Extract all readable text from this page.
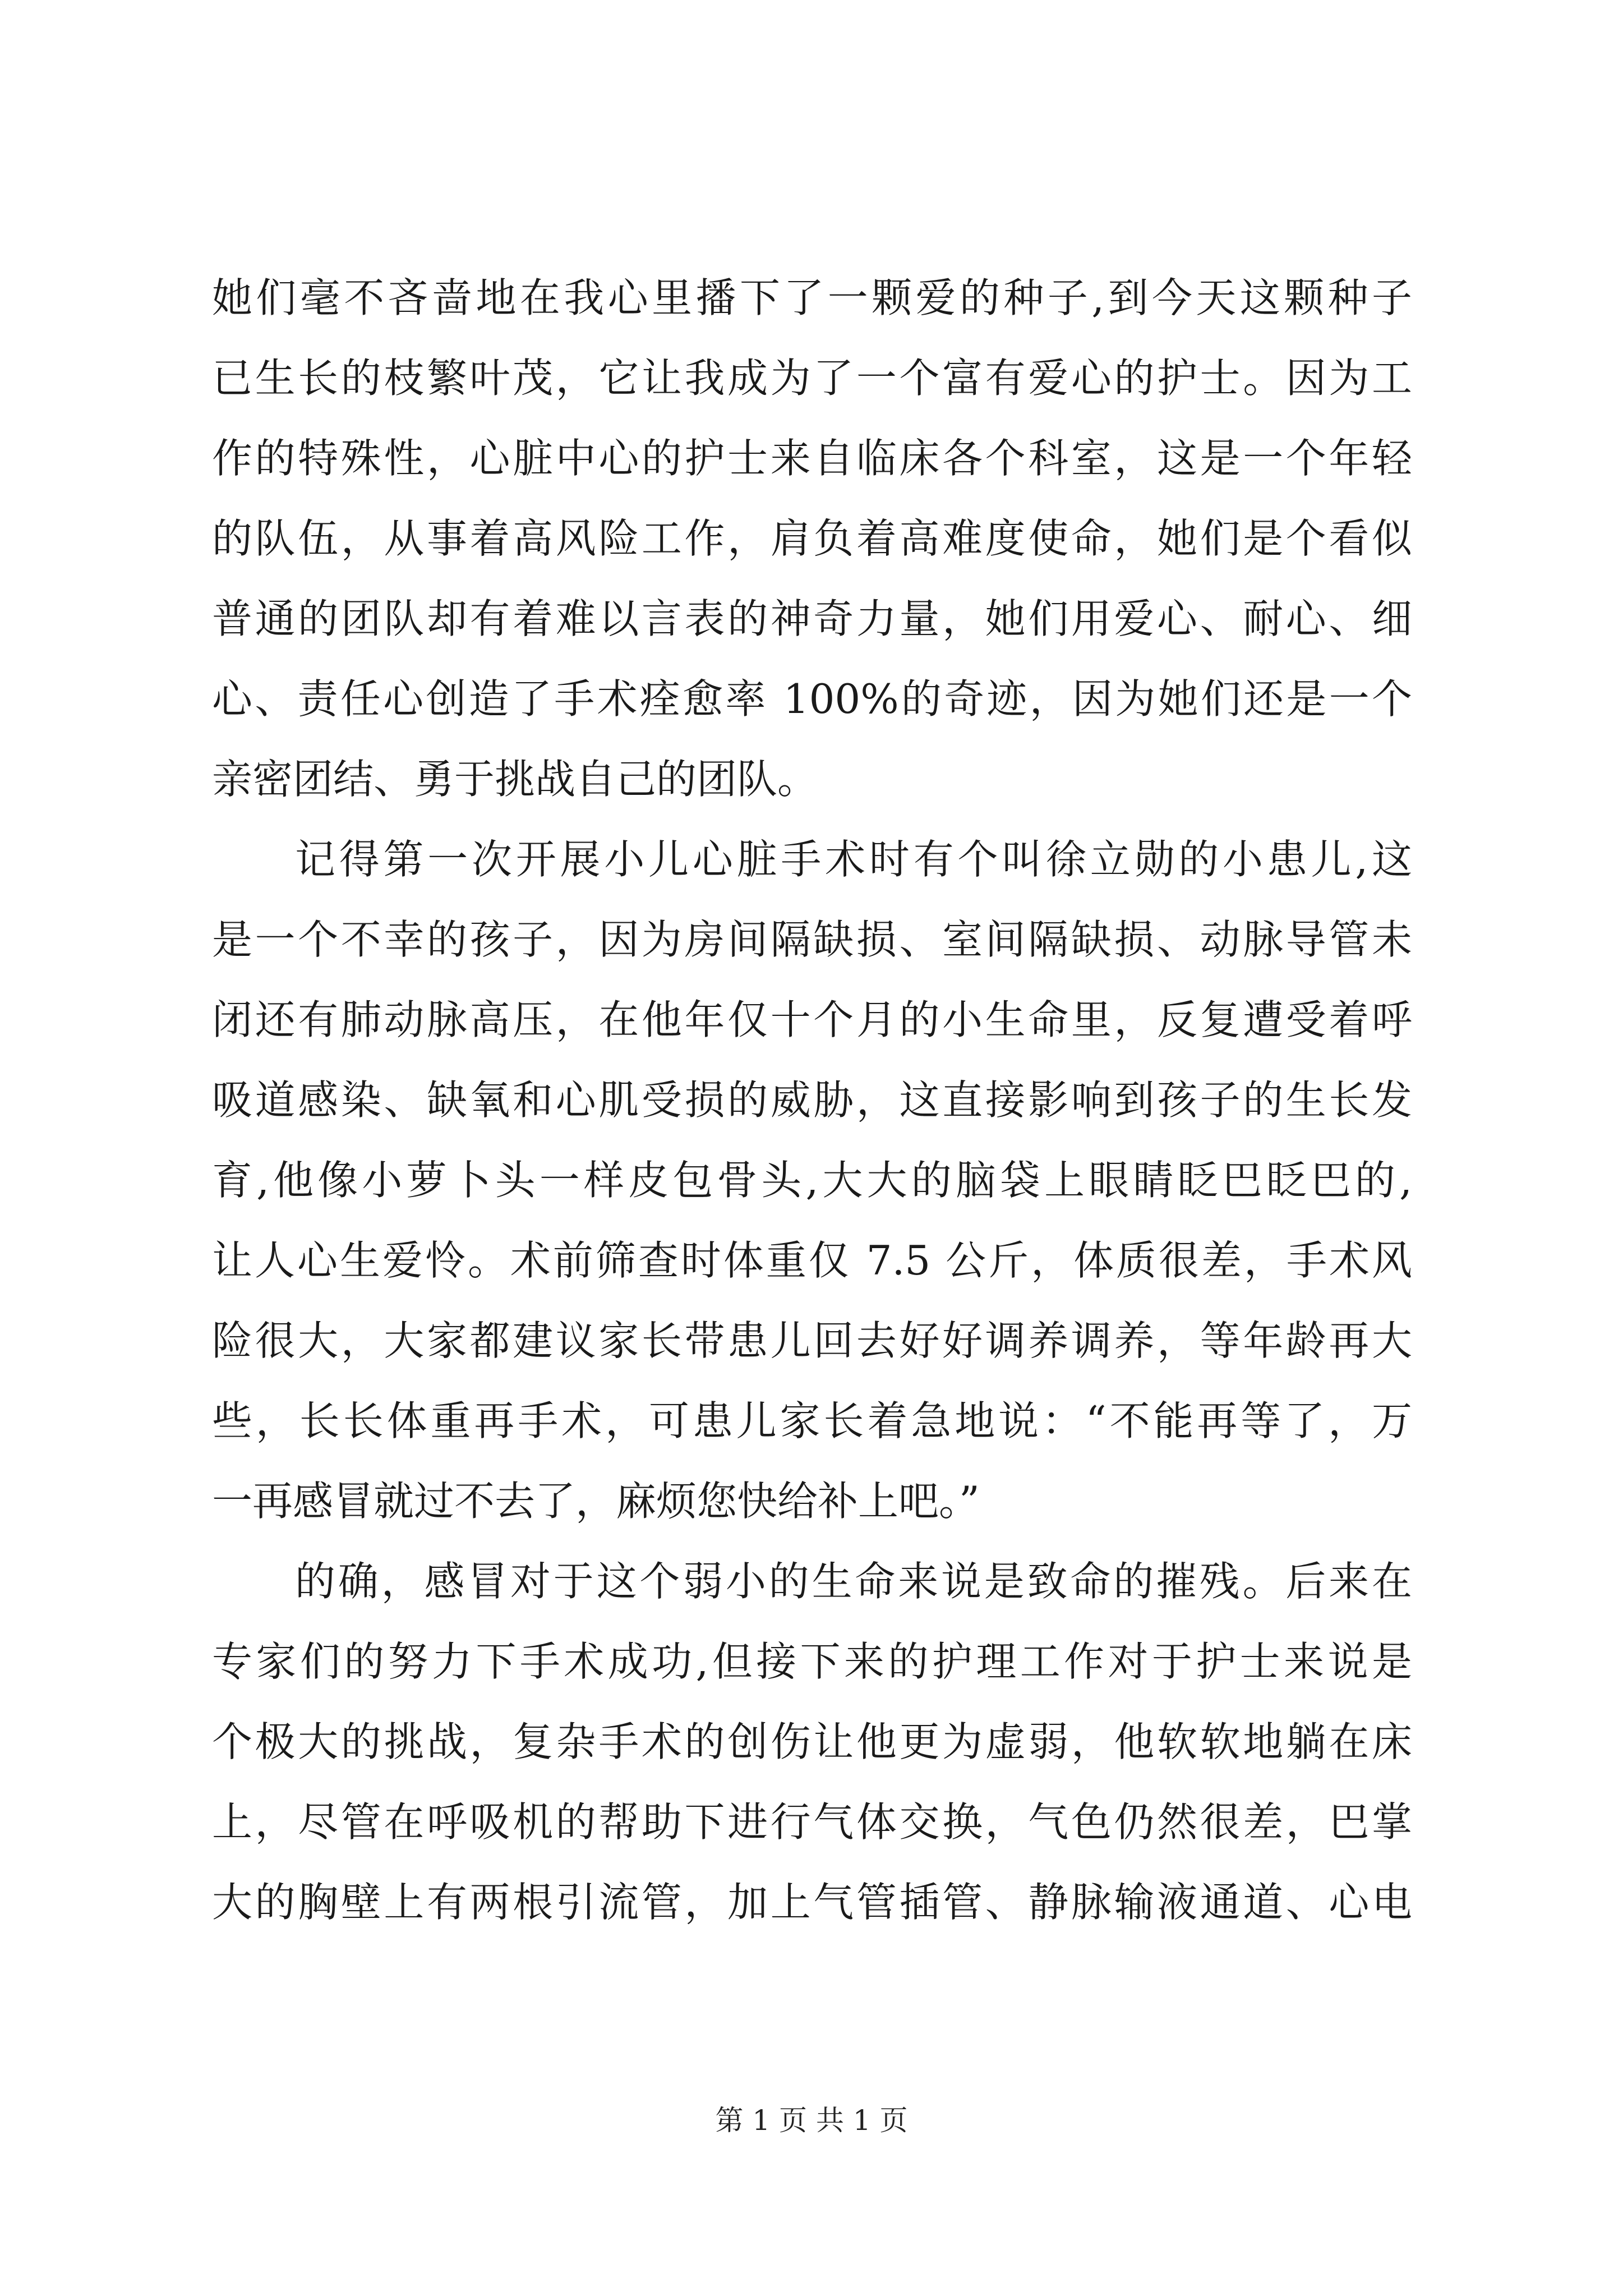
她们毫不吝啬地在我心里播下了一颗爱的种子,到今天这颗种子
已生长的枝繁叶茂，它让我成为了一个富有爱心的护士。因为工
作的特殊性，心脏中心的护士来自临床各个科室，这是一个年轻
的队伍，从事着高风险工作，肩负着高难度使命，她们是个看似
普通的团队却有着难以言表的神奇力量，她们用爱心、耐心、细
心、责任心创造了手术痊愈率 100%的奇迹，因为她们还是一个
亲密团结、勇于挑战自己的团队。
记得第一次开展小儿心脏手术时有个叫徐立勋的小患儿,这
是一个不幸的孩子，因为房间隔缺损、室间隔缺损、动脉导管未
闭还有肺动脉高压，在他年仅十个月的小生命里，反复遭受着呼
吸道感染、缺氧和心肌受损的威胁，这直接影响到孩子的生长发
育,他像小萝卜头一样皮包骨头,大大的脑袋上眼睛眨巴眨巴的,
让人心生爱怜。术前筛查时体重仅 7.5 公斤，体质很差，手术风
险很大，大家都建议家长带患儿回去好好调养调养，等年龄再大
些，长长体重再手术，可患儿家长着急地说：“不能再等了，万
一再感冒就过不去了，麻烦您快给补上吧。”
的确，感冒对于这个弱小的生命来说是致命的摧残。后来在
专家们的努力下手术成功,但接下来的护理工作对于护士来说是
个极大的挑战，复杂手术的创伤让他更为虚弱，他软软地躺在床
上，尽管在呼吸机的帮助下进行气体交换，气色仍然很差，巴掌
大的胸壁上有两根引流管，加上气管插管、静脉输液通道、心电
第 1 页 共 1 页
